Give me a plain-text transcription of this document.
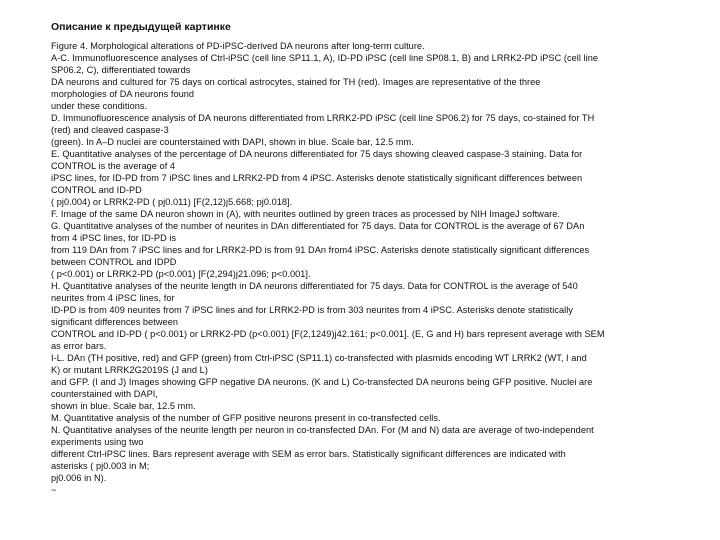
Описание к предыдущей картинке
Figure 4. Morphological alterations of PD-iPSC-derived DA neurons after long-term culture.
A-C. Immunofluorescence analyses of Ctrl-iPSC (cell line SP11.1, A), ID-PD iPSC (cell line SP08.1, B) and LRRK2-PD iPSC (cell line
SP06.2, C), differentiated towards
DA neurons and cultured for 75 days on cortical astrocytes, stained for TH (red). Images are representative of the three
morphologies of DA neurons found
under these conditions.
D. Immunofluorescence analysis of DA neurons differentiated from LRRK2-PD iPSC (cell line SP06.2) for 75 days, co-stained for TH
(red) and cleaved caspase-3
(green). In A–D nuclei are counterstained with DAPI, shown in blue. Scale bar, 12.5 mm.
E. Quantitative analyses of the percentage of DA neurons differentiated for 75 days showing cleaved caspase-3 staining. Data for
CONTROL is the average of 4
iPSC lines, for ID-PD from 7 iPSC lines and LRRK2-PD from 4 iPSC. Asterisks denote statistically significant differences between
CONTROL and ID-PD
( pj0.004) or LRRK2-PD ( pj0.011) [F(2,12)j5.668; pj0.018].
F. Image of the same DA neuron shown in (A), with neurites outlined by green traces as processed by NIH ImageJ software.
G. Quantitative analyses of the number of neurites in DAn differentiated for 75 days. Data for CONTROL is the average of 67 DAn
from 4 iPSC lines, for ID-PD is
from 119 DAn from 7 iPSC lines and for LRRK2-PD is from 91 DAn from4 iPSC. Asterisks denote statistically significant differences
between CONTROL and IDPD
( p<0.001) or LRRK2-PD (p<0.001) [F(2,294)j21.096; p<0.001].
H. Quantitative analyses of the neurite length in DA neurons differentiated for 75 days. Data for CONTROL is the average of 540
neurites from 4 iPSC lines, for
ID-PD is from 409 neurites from 7 iPSC lines and for LRRK2-PD is from 303 neurites from 4 iPSC. Asterisks denote statistically
significant differences between
CONTROL and ID-PD ( p<0.001) or LRRK2-PD (p<0.001) [F(2,1249)j42.161; p<0.001]. (E, G and H) bars represent average with SEM
as error bars.
I-L. DAn (TH positive, red) and GFP (green) from Ctrl-iPSC (SP11.1) co-transfected with plasmids encoding WT LRRK2 (WT, I and
K) or mutant LRRK2G2019S (J and L)
and GFP. (I and J) Images showing GFP negative DA neurons. (K and L) Co-transfected DA neurons being GFP positive. Nuclei are
counterstained with DAPI,
shown in blue. Scale bar, 12.5 mm.
M. Quantitative analysis of the number of GFP positive neurons present in co-transfected cells.
N. Quantitative analyses of the neurite length per neuron in co-transfected DAn. For (M and N) data are average of two-independent
experiments using two
different Ctrl-iPSC lines. Bars represent average with SEM as error bars. Statistically significant differences are indicated with
asterisks ( pj0.003 in M;
pj0.006 in N).
~
